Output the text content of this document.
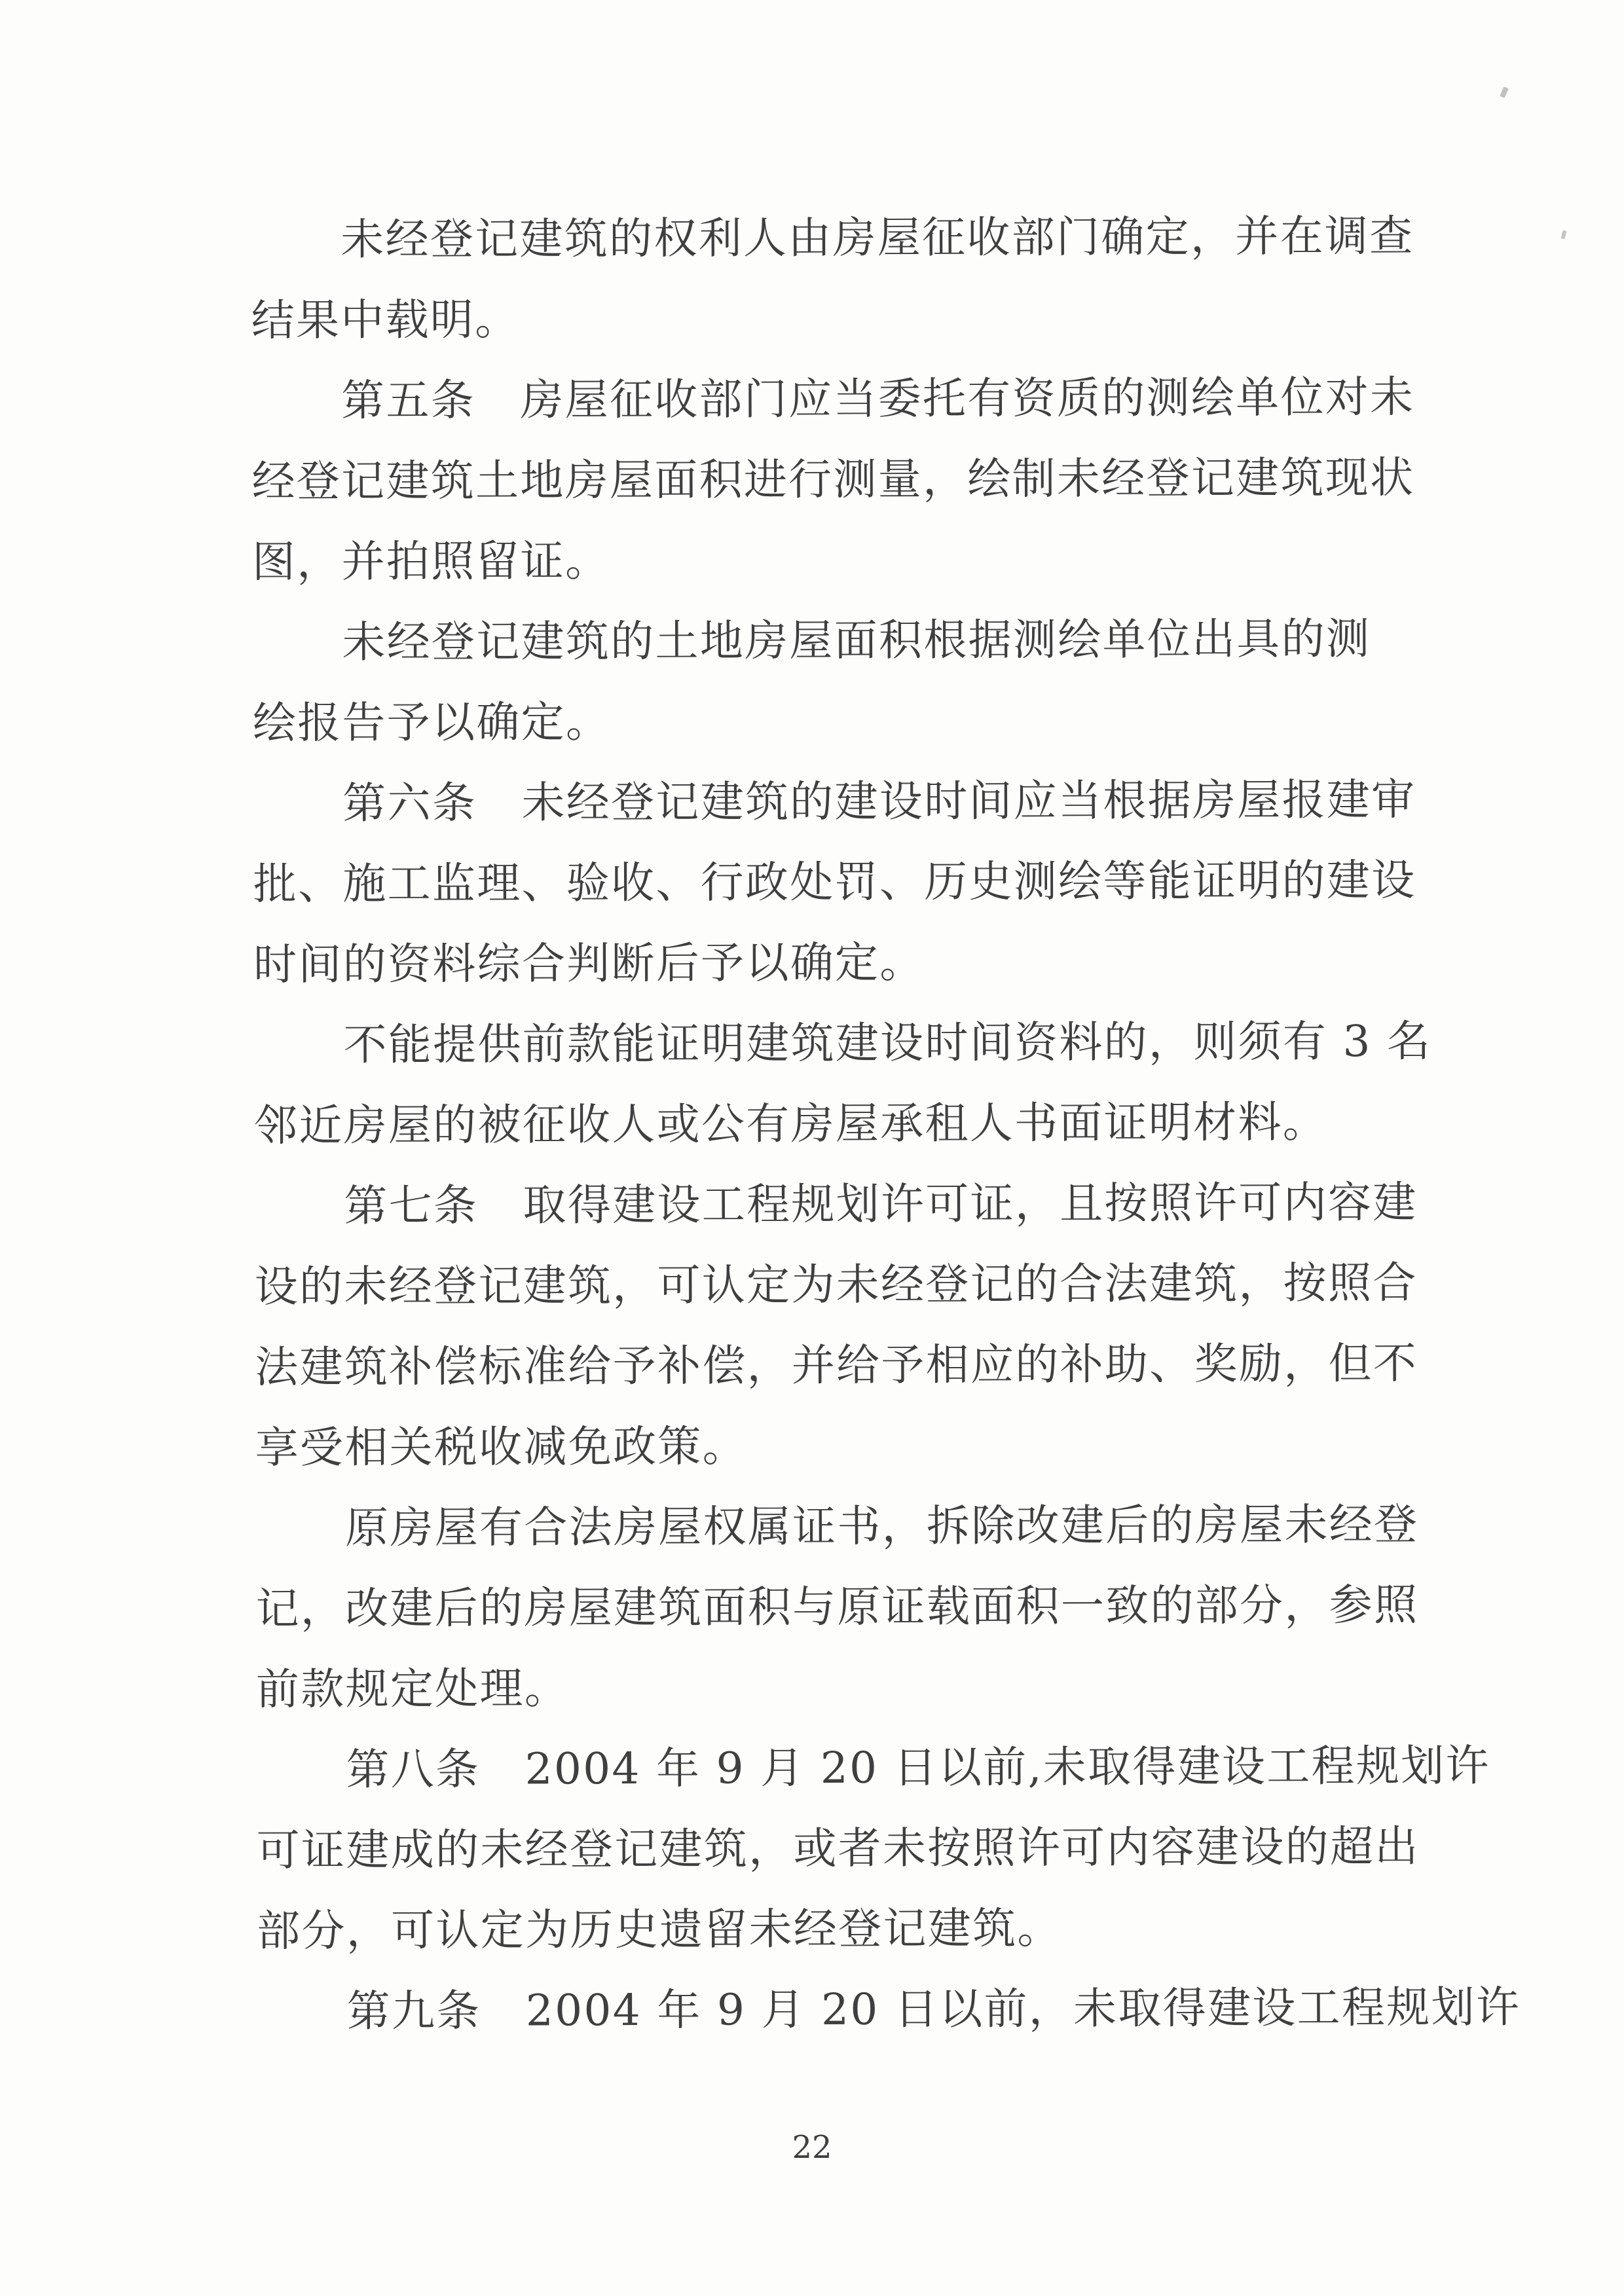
未经登记建筑的权利人由房屋征收部门确定，并在调查
结果中载明。
第五条　房屋征收部门应当委托有资质的测绘单位对未
经登记建筑土地房屋面积进行测量，绘制未经登记建筑现状
图，并拍照留证。
未经登记建筑的土地房屋面积根据测绘单位出具的测
绘报告予以确定。
第六条　未经登记建筑的建设时间应当根据房屋报建审
批、施工监理、验收、行政处罚、历史测绘等能证明的建设
时间的资料综合判断后予以确定。
不能提供前款能证明建筑建设时间资料的，则须有 3 名
邻近房屋的被征收人或公有房屋承租人书面证明材料。
第七条　取得建设工程规划许可证，且按照许可内容建
设的未经登记建筑，可认定为未经登记的合法建筑，按照合
法建筑补偿标准给予补偿，并给予相应的补助、奖励，但不
享受相关税收减免政策。
原房屋有合法房屋权属证书，拆除改建后的房屋未经登
记，改建后的房屋建筑面积与原证载面积一致的部分，参照
前款规定处理。
第八条　2004 年 9 月 20 日以前,未取得建设工程规划许
可证建成的未经登记建筑，或者未按照许可内容建设的超出
部分，可认定为历史遗留未经登记建筑。
第九条　2004 年 9 月 20 日以前，未取得建设工程规划许
22
